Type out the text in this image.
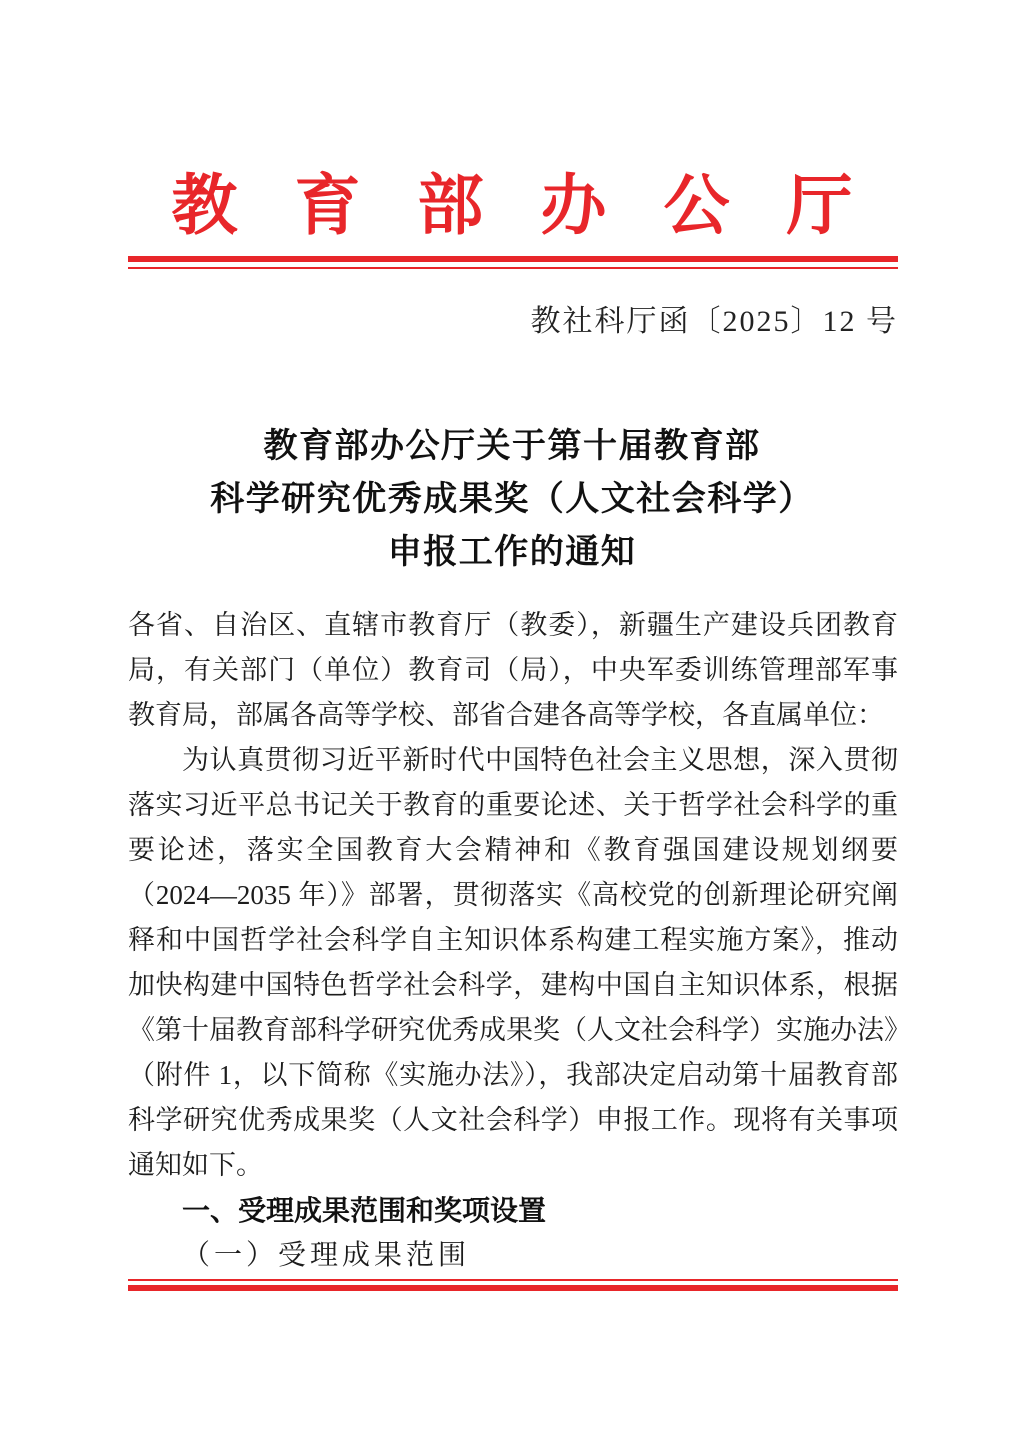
教育部办公厅
教社科厅函〔2025〕12 号
教育部办公厅关于第十届教育部
科学研究优秀成果奖（人文社会科学）
申报工作的通知
各省、自治区、直辖市教育厅（教委），新疆生产建设兵团教育
局，有关部门（单位）教育司（局），中央军委训练管理部军事
教育局，部属各高等学校、部省合建各高等学校，各直属单位：
为认真贯彻习近平新时代中国特色社会主义思想，深入贯彻
落实习近平总书记关于教育的重要论述、关于哲学社会科学的重
要论述，落实全国教育大会精神和《教育强国建设规划纲要
（2024—2035 年）》部署，贯彻落实《高校党的创新理论研究阐
释和中国哲学社会科学自主知识体系构建工程实施方案》，推动
加快构建中国特色哲学社会科学，建构中国自主知识体系，根据
《第十届教育部科学研究优秀成果奖（人文社会科学）实施办法》
（附件 1，以下简称《实施办法》），我部决定启动第十届教育部
科学研究优秀成果奖（人文社会科学）申报工作。现将有关事项
通知如下。
一、受理成果范围和奖项设置
（一）受理成果范围
